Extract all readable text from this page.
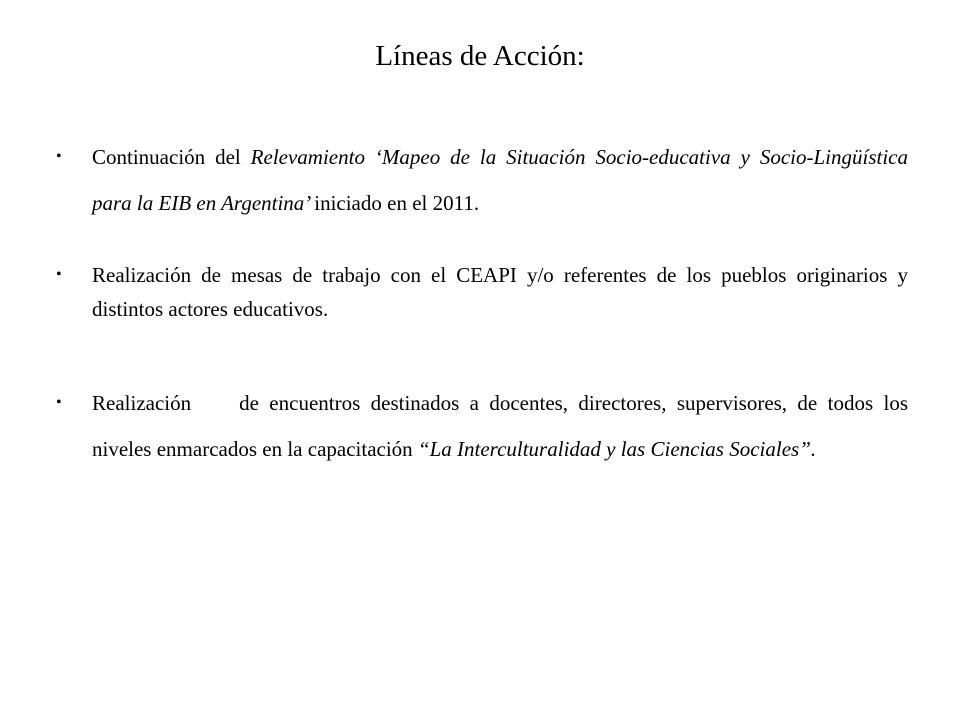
Líneas de Acción:
•	Continuación del Relevamiento ‘Mapeo de la Situación Socio-educativa y Socio-Lingüística para la EIB en Argentina’ iniciado en el 2011.
•	Realización de mesas de trabajo con el CEAPI y/o referentes de los pueblos originarios y distintos actores educativos.
•	Realización de encuentros destinados a docentes, directores, supervisores, de todos los niveles enmarcados en la capacitación “La Interculturalidad y las Ciencias Sociales”.
